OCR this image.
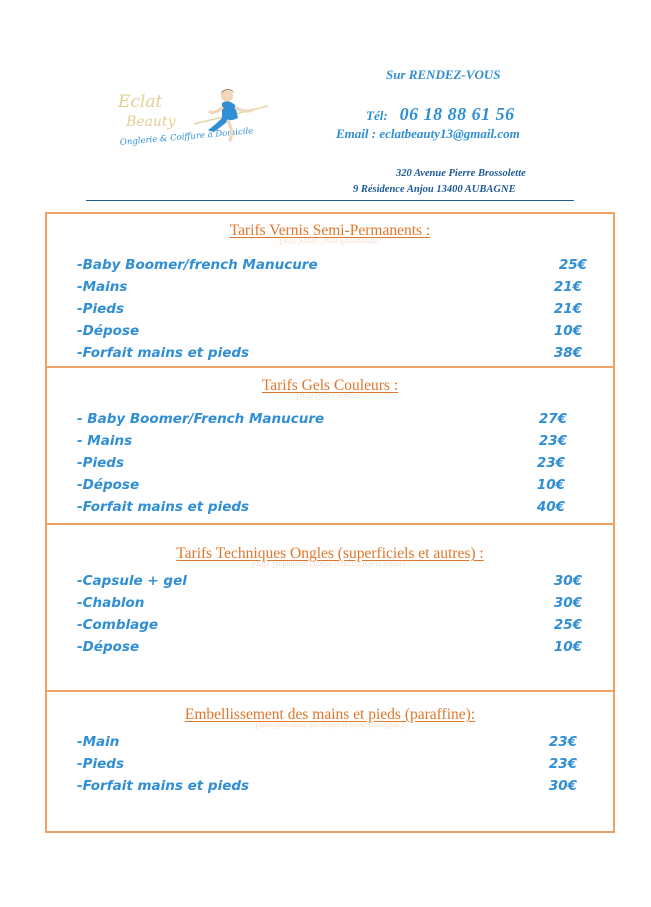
Eclat
Beauty
Onglerie & Coiffure à Domicile
Sur RENDEZ-VOUS
Tél: 06 18 88 61 56
Email : eclatbeauty13@gmail.com
320 Avenue Pierre Brossolette
9 Résidence Anjou 13400 AUBAGNE
Tarifs Vernis Semi-Permanents :
Tarifs Vernis Semi-Permanents :
-Baby Boomer/french Manucure	25€
-Mains	21€
-Pieds	21€
-Dépose	10€
-Forfait mains et pieds	38€
Tarifs Gels Couleurs :
Tarifs Gels Couleurs :
- Baby Boomer/French Manucure	27€
- Mains	23€
-Pieds	23€
-Dépose	10€
-Forfait mains et pieds	40€
Tarifs Techniques Ongles (superficiels et autres) :
Tarifs Techniques Ongles (superficiels et autres) :
-Capsule + gel	30€
-Chablon	30€
-Comblage	25€
-Dépose	10€
Embellissement des mains et pieds (paraffine):
Embellissement des mains et pieds (paraffine):
-Main	23€
-Pieds	23€
-Forfait mains et pieds	30€
